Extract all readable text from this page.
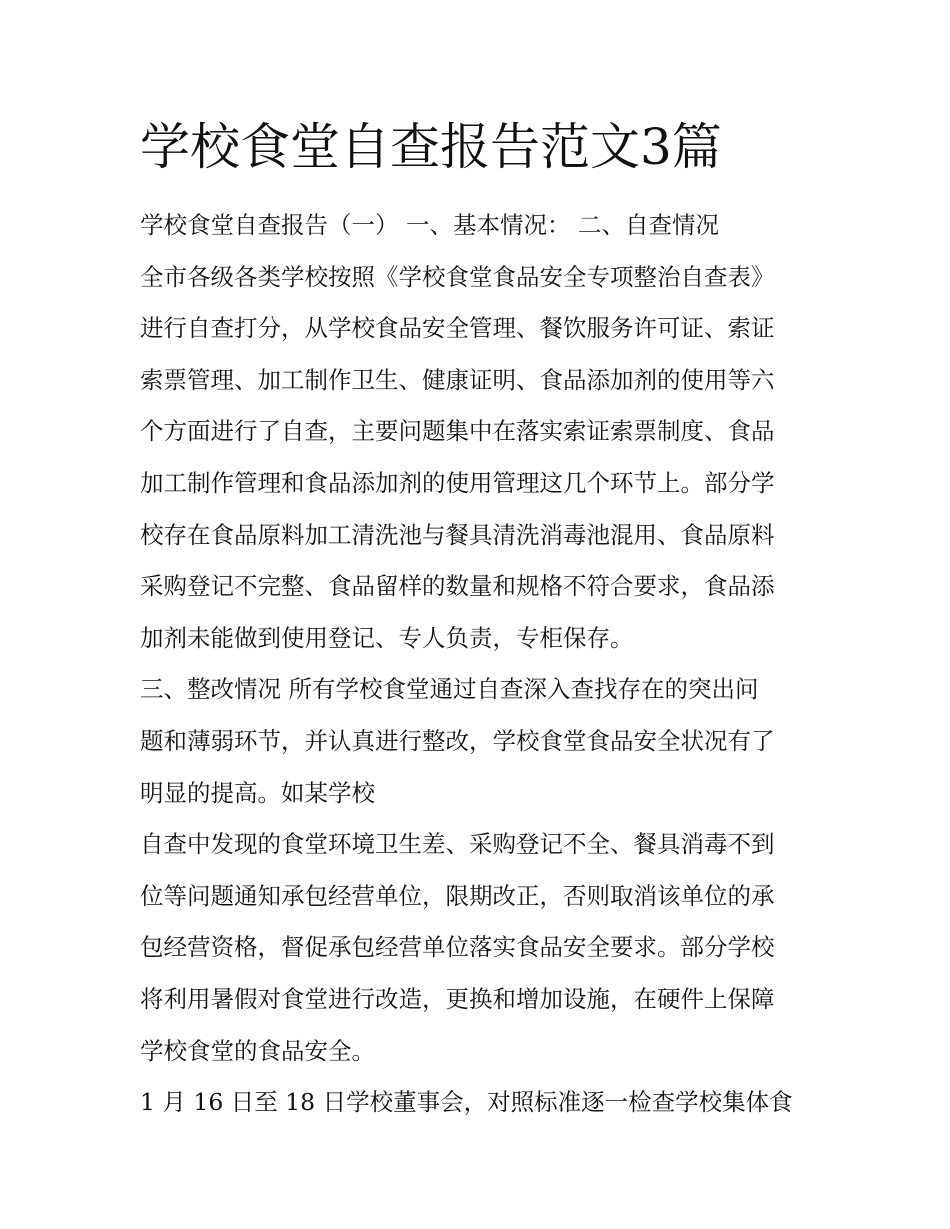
学校食堂自查报告范文3篇
学校食堂自查报告（一） 一、基本情况： 二、自查情况
全市各级各类学校按照《学校食堂食品安全专项整治自查表》
进行自查打分，从学校食品安全管理、餐饮服务许可证、索证
索票管理、加工制作卫生、健康证明、食品添加剂的使用等六
个方面进行了自查，主要问题集中在落实索证索票制度、食品
加工制作管理和食品添加剂的使用管理这几个环节上。部分学
校存在食品原料加工清洗池与餐具清洗消毒池混用、食品原料
采购登记不完整、食品留样的数量和规格不符合要求，食品添
加剂未能做到使用登记、专人负责，专柜保存。
三、整改情况 所有学校食堂通过自查深入查找存在的突出问
题和薄弱环节，并认真进行整改，学校食堂食品安全状况有了
明显的提高。如某学校
自查中发现的食堂环境卫生差、采购登记不全、餐具消毒不到
位等问题通知承包经营单位，限期改正，否则取消该单位的承
包经营资格，督促承包经营单位落实食品安全要求。部分学校
将利用暑假对食堂进行改造，更换和增加设施，在硬件上保障
学校食堂的食品安全。
1 月 16 日至 18 日学校董事会，对照标准逐一检查学校集体食
